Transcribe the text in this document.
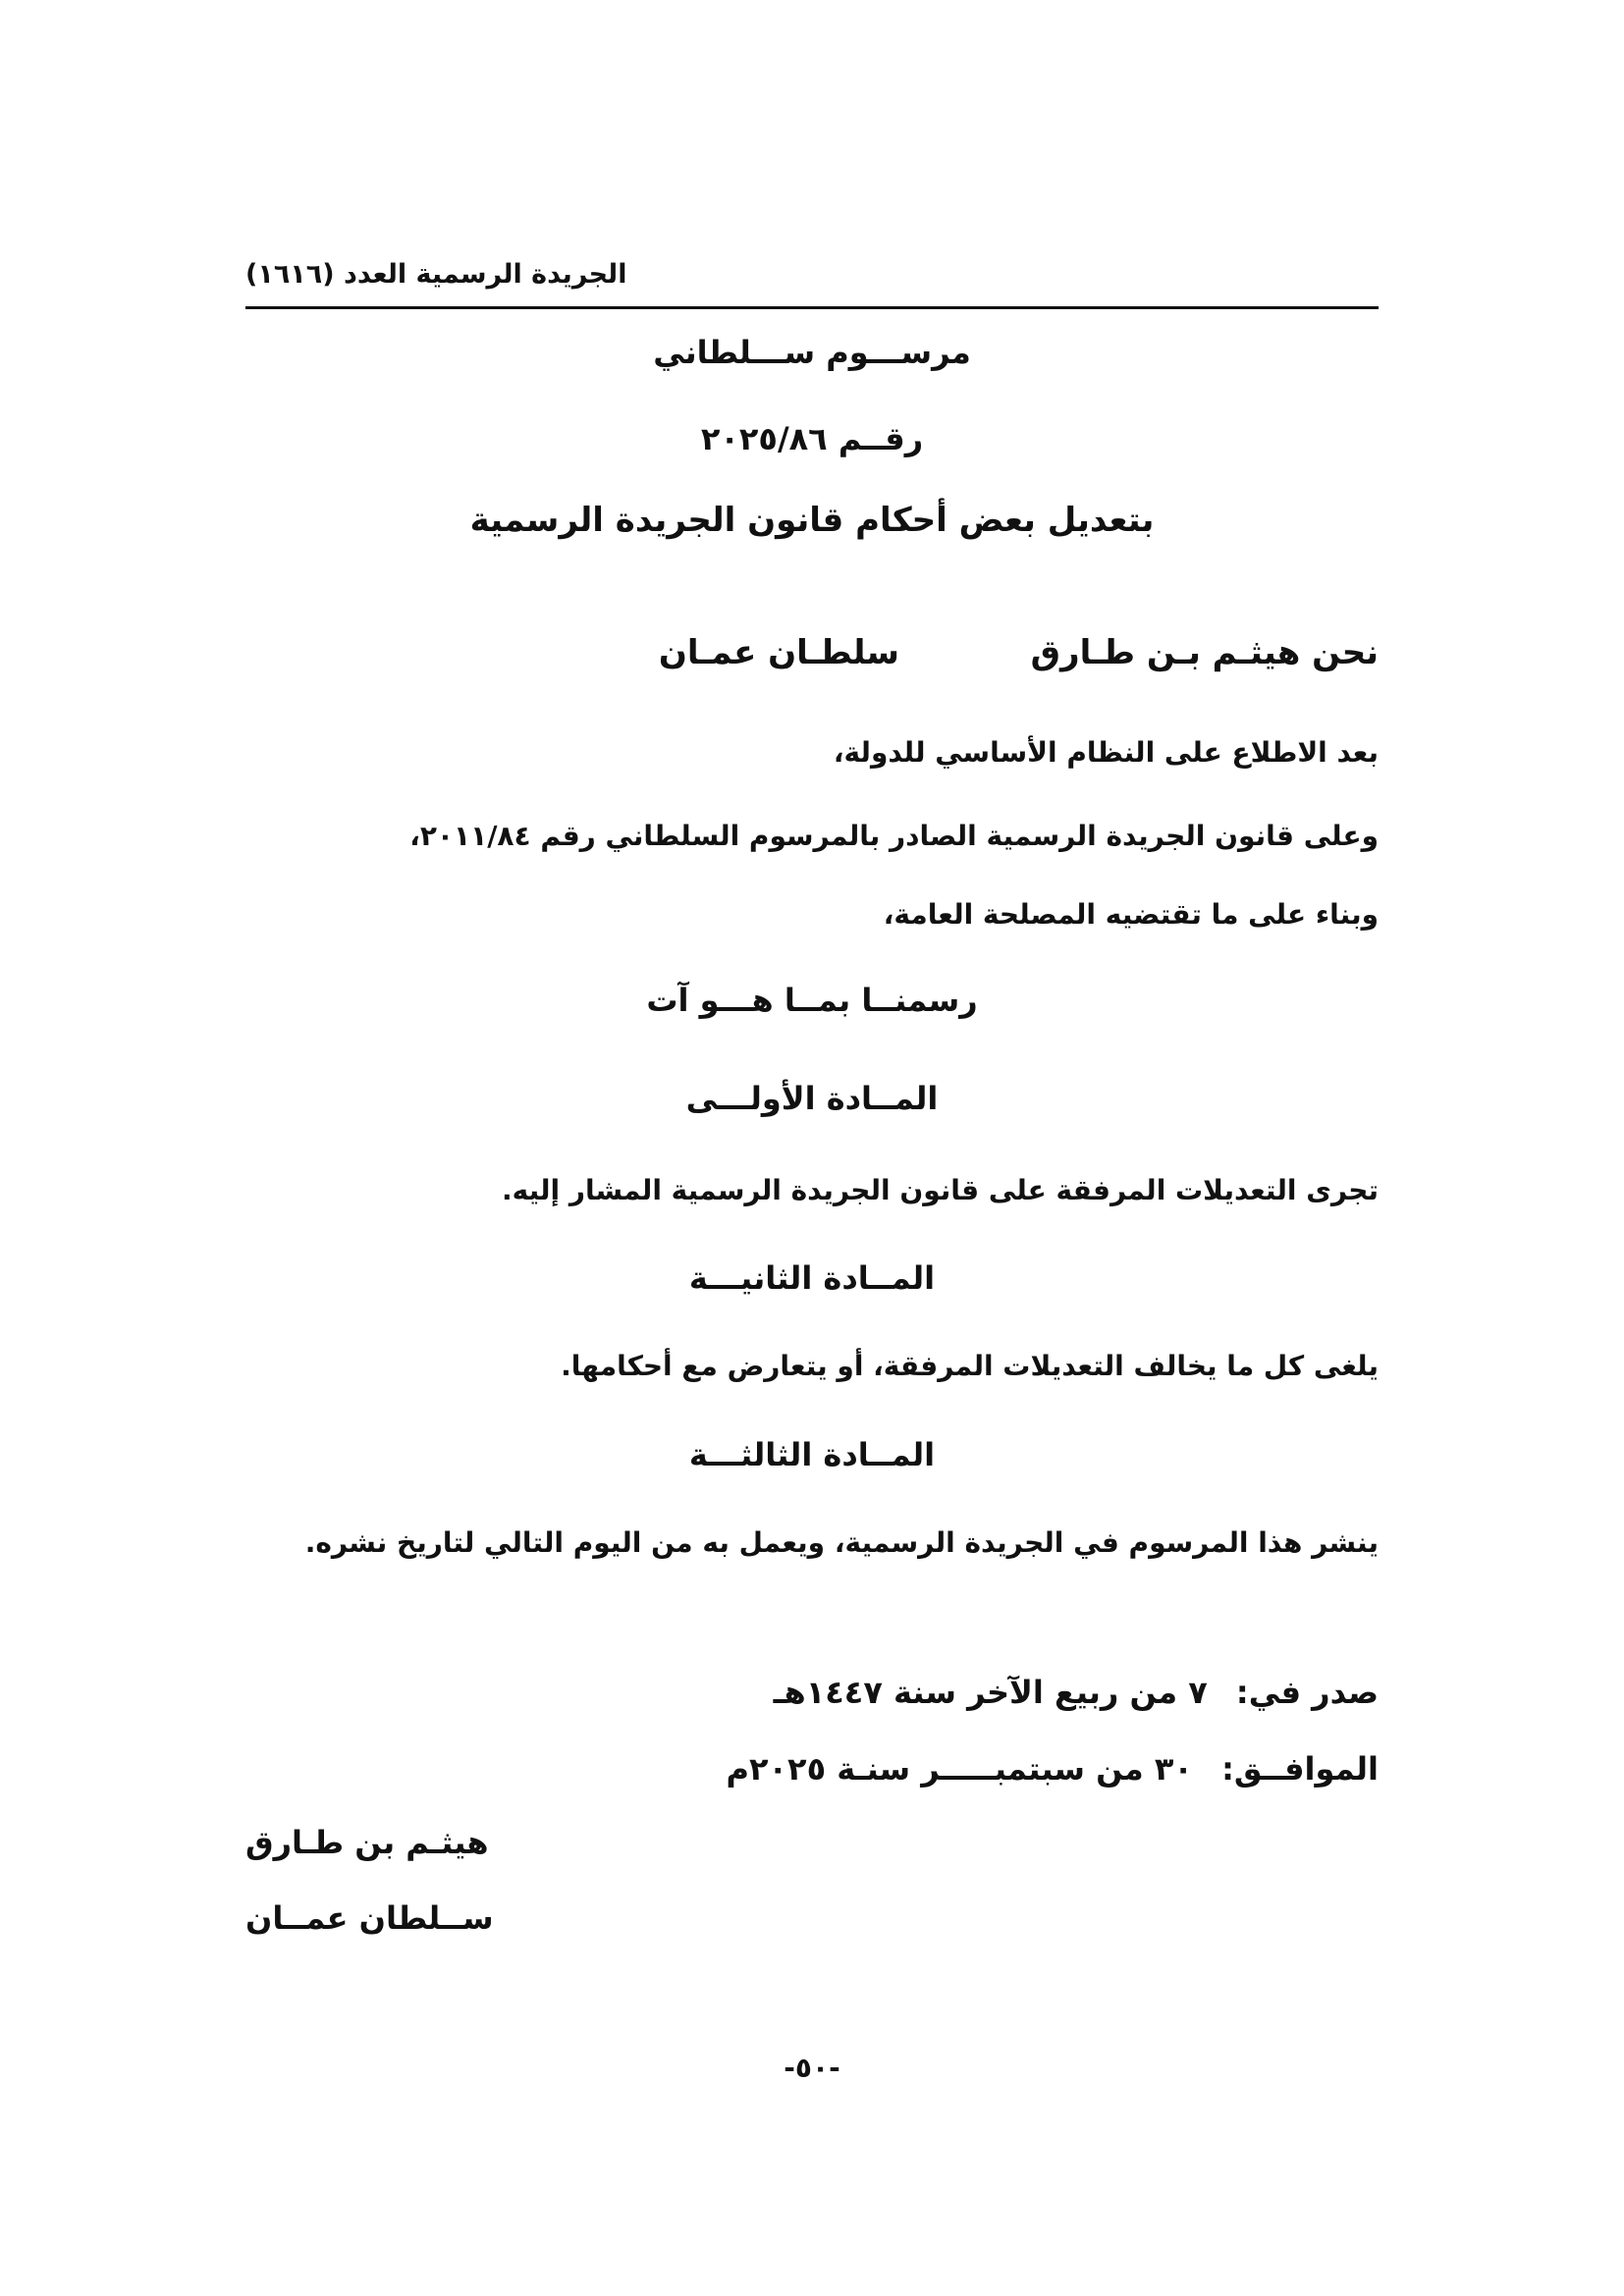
الجريدة الرسمية العدد (١٦١٦)
مرســـوم ســـلطاني
رقــم ٢٠٢٥/٨٦
بتعديل بعض أحكام قانون الجريدة الرسمية
نحن هيثـم بـن طـارق
سلطـان عمـان
بعد الاطلاع على النظام الأساسي للدولة،
وعلى قانون الجريدة الرسمية الصادر بالمرسوم السلطاني رقم ٢٠١١/٨٤،
وبناء على ما تقتضيه المصلحة العامة،
رسمنــا بمــا هـــو آت
المــادة الأولـــى
تجرى التعديلات المرفقة على قانون الجريدة الرسمية المشار إليه.
المــادة الثانيـــة
يلغى كل ما يخالف التعديلات المرفقة، أو يتعارض مع أحكامها.
المــادة الثالثـــة
ينشر هذا المرسوم في الجريدة الرسمية، ويعمل به من اليوم التالي لتاريخ نشره.
صدر في: ٧ من ربيع الآخر سنة ١٤٤٧هـ
الموافــق: ٣٠ من سبتمبـــــر سنـة ٢٠٢٥م
هيثـم بن طـارق
ســلطان عمــان
-٥٠-
